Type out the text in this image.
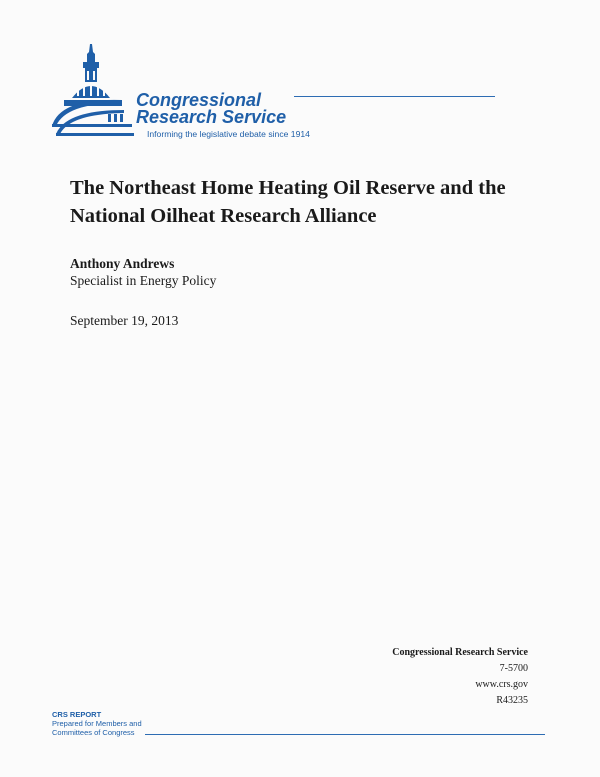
Congressional
Research Service
Informing the legislative debate since 1914
The Northeast Home Heating Oil Reserve and the National Oilheat Research Alliance
Anthony Andrews
Specialist in Energy Policy
September 19, 2013
Congressional Research Service
7-5700
www.crs.gov
R43235
CRS REPORT
Prepared for Members and
Committees of Congress
